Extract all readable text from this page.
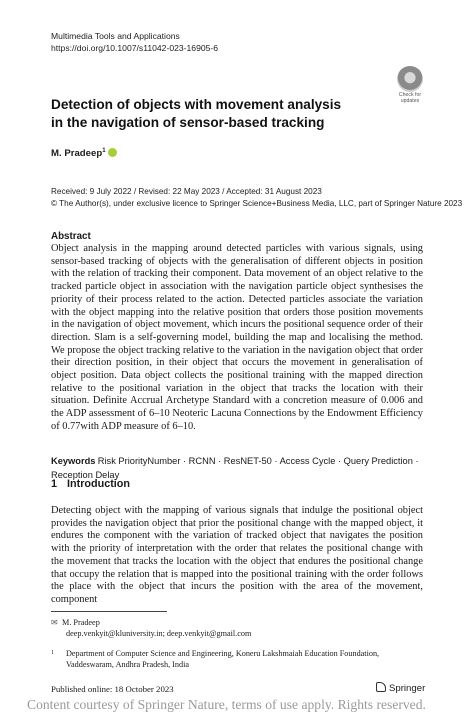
Multimedia Tools and Applications
https://doi.org/10.1007/s11042-023-16905-6
Check for
updates
Detection of objects with movement analysis
in the navigation of sensor-based tracking
M. Pradeep$^1$
Received: 9 July 2022 / Revised: 22 May 2023 / Accepted: 31 August 2023
© The Author(s), under exclusive licence to Springer Science+Business Media, LLC, part of Springer Nature 2023
Abstract
Object analysis in the mapping around detected particles with various signals, using sensor-based tracking of objects with the generalisation of different objects in position with the relation of tracking their component. Data movement of an object relative to the tracked particle object in association with the navigation particle object synthesises the priority of their process related to the action. Detected particles associate the variation with the object mapping into the relative position that orders those position movements in the navigation of object movement, which incurs the positional sequence order of their direction. Slam is a self-governing model, building the map and localising the method. We propose the object tracking relative to the variation in the navigation object that order their direction position, in their object that occurs the movement in generalisation of object position. Data object collects the positional training with the mapped direction relative to the positional variation in the object that tracks the location with their situation. Definite Accrual Archetype Standard with a concretion measure of 0.006 and the ADP assessment of 6–10 Neoteric Lacuna Connections by the Endowment Efficiency of 0.77with ADP measure of 6–10.
Keywords Risk PriorityNumber · RCNN · ResNET-50 · Access Cycle · Query Prediction · Reception Delay
1 Introduction
Detecting object with the mapping of various signals that indulge the positional object provides the navigation object that prior the positional change with the mapped object, it endures the component with the variation of tracked object that navigates the position with the priority of interpretation with the order that relates the positional change with the movement that tracks the location with the object that endures the positional change that occupy the relation that is mapped into the positional training with the order follows the place with the object that incurs the position with the area of the movement, component
✉ M. Pradeep
deep.venkyit@kluniversity.in; deep.venkyit@gmail.com
1 Department of Computer Science and Engineering, Koneru Lakshmaiah Education Foundation,
Vaddeswaram, Andhra Pradesh, India
Published online: 18 October 2023	Springer
Content courtesy of Springer Nature, terms of use apply. Rights reserved.
